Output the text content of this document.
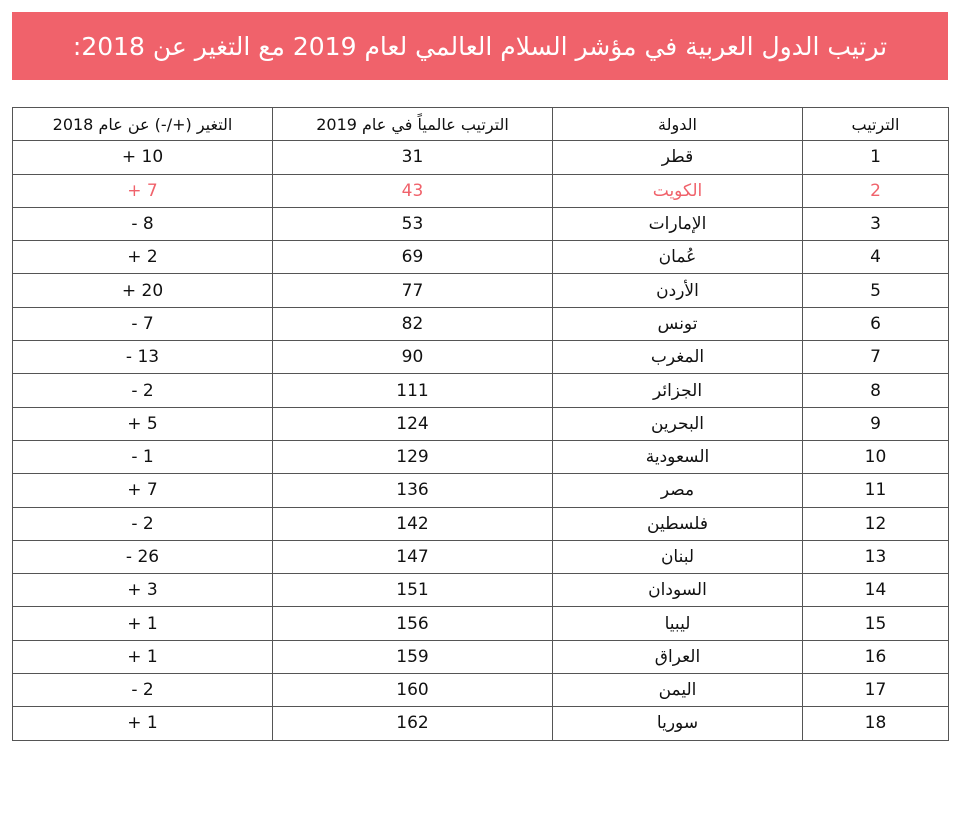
ترتيب الدول العربية في مؤشر السلام العالمي لعام 2019 مع التغير عن 2018:
الترتيب	الدولة	الترتيب عالمياً في عام 2019	التغير (+/-) عن عام 2018
1	قطر	31	10 +
2	الكويت	43	7 +
3	الإمارات	53	8 -
4	عُمان	69	2 +
5	الأردن	77	20 +
6	تونس	82	7 -
7	المغرب	90	13 -
8	الجزائر	111	2 -
9	البحرين	124	5 +
10	السعودية	129	1 -
11	مصر	136	7 +
12	فلسطين	142	2 -
13	لبنان	147	26 -
14	السودان	151	3 +
15	ليبيا	156	1 +
16	العراق	159	1 +
17	اليمن	160	2 -
18	سوريا	162	1 +
